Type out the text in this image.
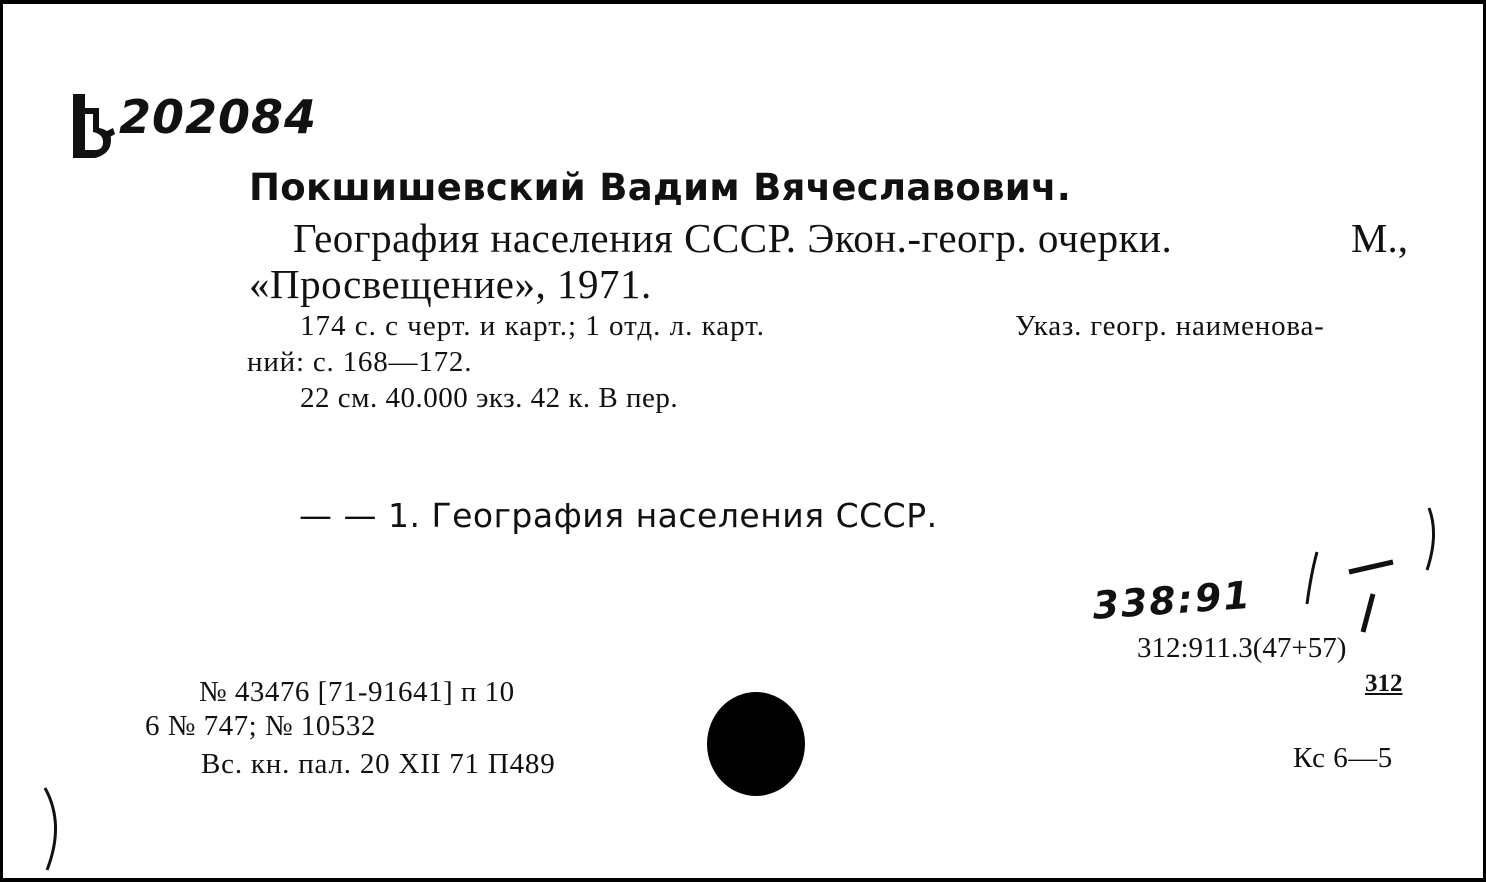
202084
Покшишевский Вадим Вячеславович.
География населения СССР. Экон.-геогр. очерки.	М.,
«Просвещение», 1971.
174 с. с черт. и карт.; 1 отд. л. карт.	Указ. геогр. наименова-
ний: с. 168—172.
22 см. 40.000 экз. 42 к. В пер.
— — 1. География населения СССР.
338:91
312:911.3(47+57)
312
№ 43476 [71-91641] п 10
6 № 747; № 10532
Вс. кн. пал. 20 XII 71 П489	Кс 6—5
